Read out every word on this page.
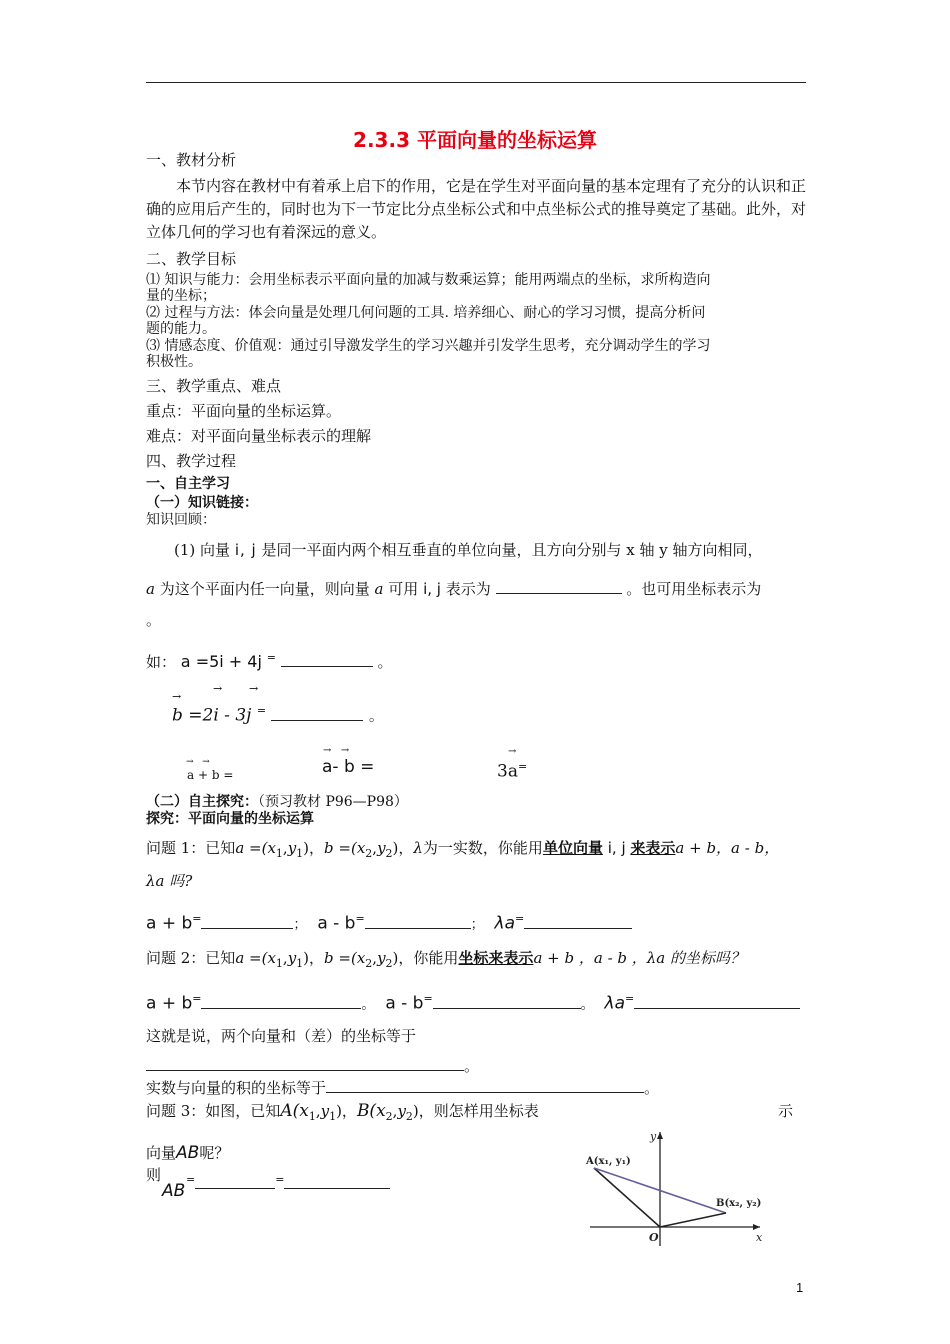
2.3.3 平面向量的坐标运算
一、教材分析
本节内容在教材中有着承上启下的作用，它是在学生对平面向量的基本定理有了充分的认识和正确的应用后产生的，同时也为下一节定比分点坐标公式和中点坐标公式的推导奠定了基础。此外，对立体几何的学习也有着深远的意义。
二、教学目标
⑴ 知识与能力：会用坐标表示平面向量的加减与数乘运算；能用两端点的坐标，求所构造向
量的坐标；
⑵ 过程与方法：体会向量是处理几何问题的工具. 培养细心、耐心的学习习惯，提高分析问
题的能力。
⑶ 情感态度、价值观：通过引导激发学生的学习兴趣并引发学生思考，充分调动学生的学习
积极性。
三、教学重点、难点
重点：平面向量的坐标运算。
难点：对平面向量坐标表示的理解
四、教学过程
一、自主学习
（一）知识链接：
知识回顾：
(1) 向量 i, j 是同一平面内两个相互垂直的单位向量，且方向分别与 x 轴 y 轴方向相同，
a 为这个平面内任一向量，则向量 a 可用 i, j 表示为	。也可用坐标表示为
。
如： a =5i + 4j =	。
b =2i - 3j =	。
→
→ →
a + b =
→   →	a- b =
→   →
3a=
→
（二）自主探究：（预习教材 P96—P98）
探究：平面向量的坐标运算
问题 1：已知$a =(x_1,y_1)$，$b =(x_2,y_2)$，λ为一实数，你能用单位向量 i, j 来表示a + b，a - b，
λa 吗?
a + b=	； a - b=	； λa=
问题 2：已知$a =(x_1,y_1)$，$b =(x_2,y_2)$，你能用坐标来表示a + b ，a - b ，λa 的坐标吗？
a + b=	。 a - b=	。 λa=
这就是说，两个向量和（差）的坐标等于
。
实数与向量的积的坐标等于	。
问题 3：如图，已知$A(x_1,y_1)$，$B(x_2,y_2)$，则怎样用坐标表	示
向量AB呢？
则
AB
=	=
A(x₁, y₁)
B(x₂, y₂)
O	x
y
1
